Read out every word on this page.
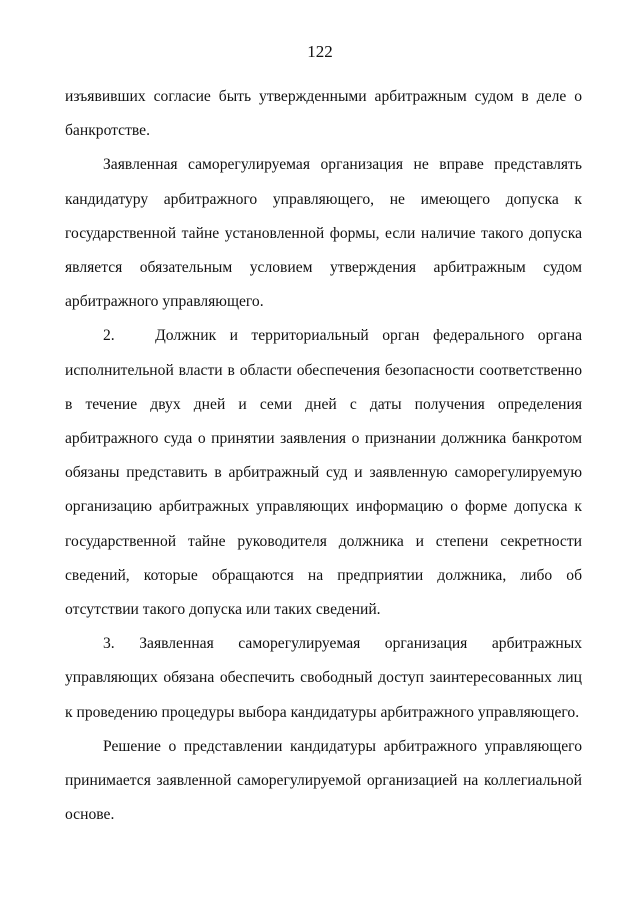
122

изъявивших согласие быть утвержденными арбитражным судом в деле о банкротстве.

Заявленная саморегулируемая организация не вправе представлять кандидатуру арбитражного управляющего, не имеющего допуска к государственной тайне установленной формы, если наличие такого допуска является обязательным условием утверждения арбитражным судом арбитражного управляющего.

2.   Должник и территориальный орган федерального органа исполнительной власти в области обеспечения безопасности соответственно в течение двух дней и семи дней с даты получения определения арбитражного суда о принятии заявления о признании должника банкротом обязаны представить в арбитражный суд и заявленную саморегулируемую организацию арбитражных управляющих информацию о форме допуска к государственной тайне руководителя должника и степени секретности сведений, которые обращаются на предприятии должника, либо об отсутствии такого допуска или таких сведений.

3. Заявленная саморегулируемая организация арбитражных управляющих обязана обеспечить свободный доступ заинтересованных лиц к проведению процедуры выбора кандидатуры арбитражного управляющего.

Решение о представлении кандидатуры арбитражного управляющего принимается заявленной саморегулируемой организацией на коллегиальной основе.
